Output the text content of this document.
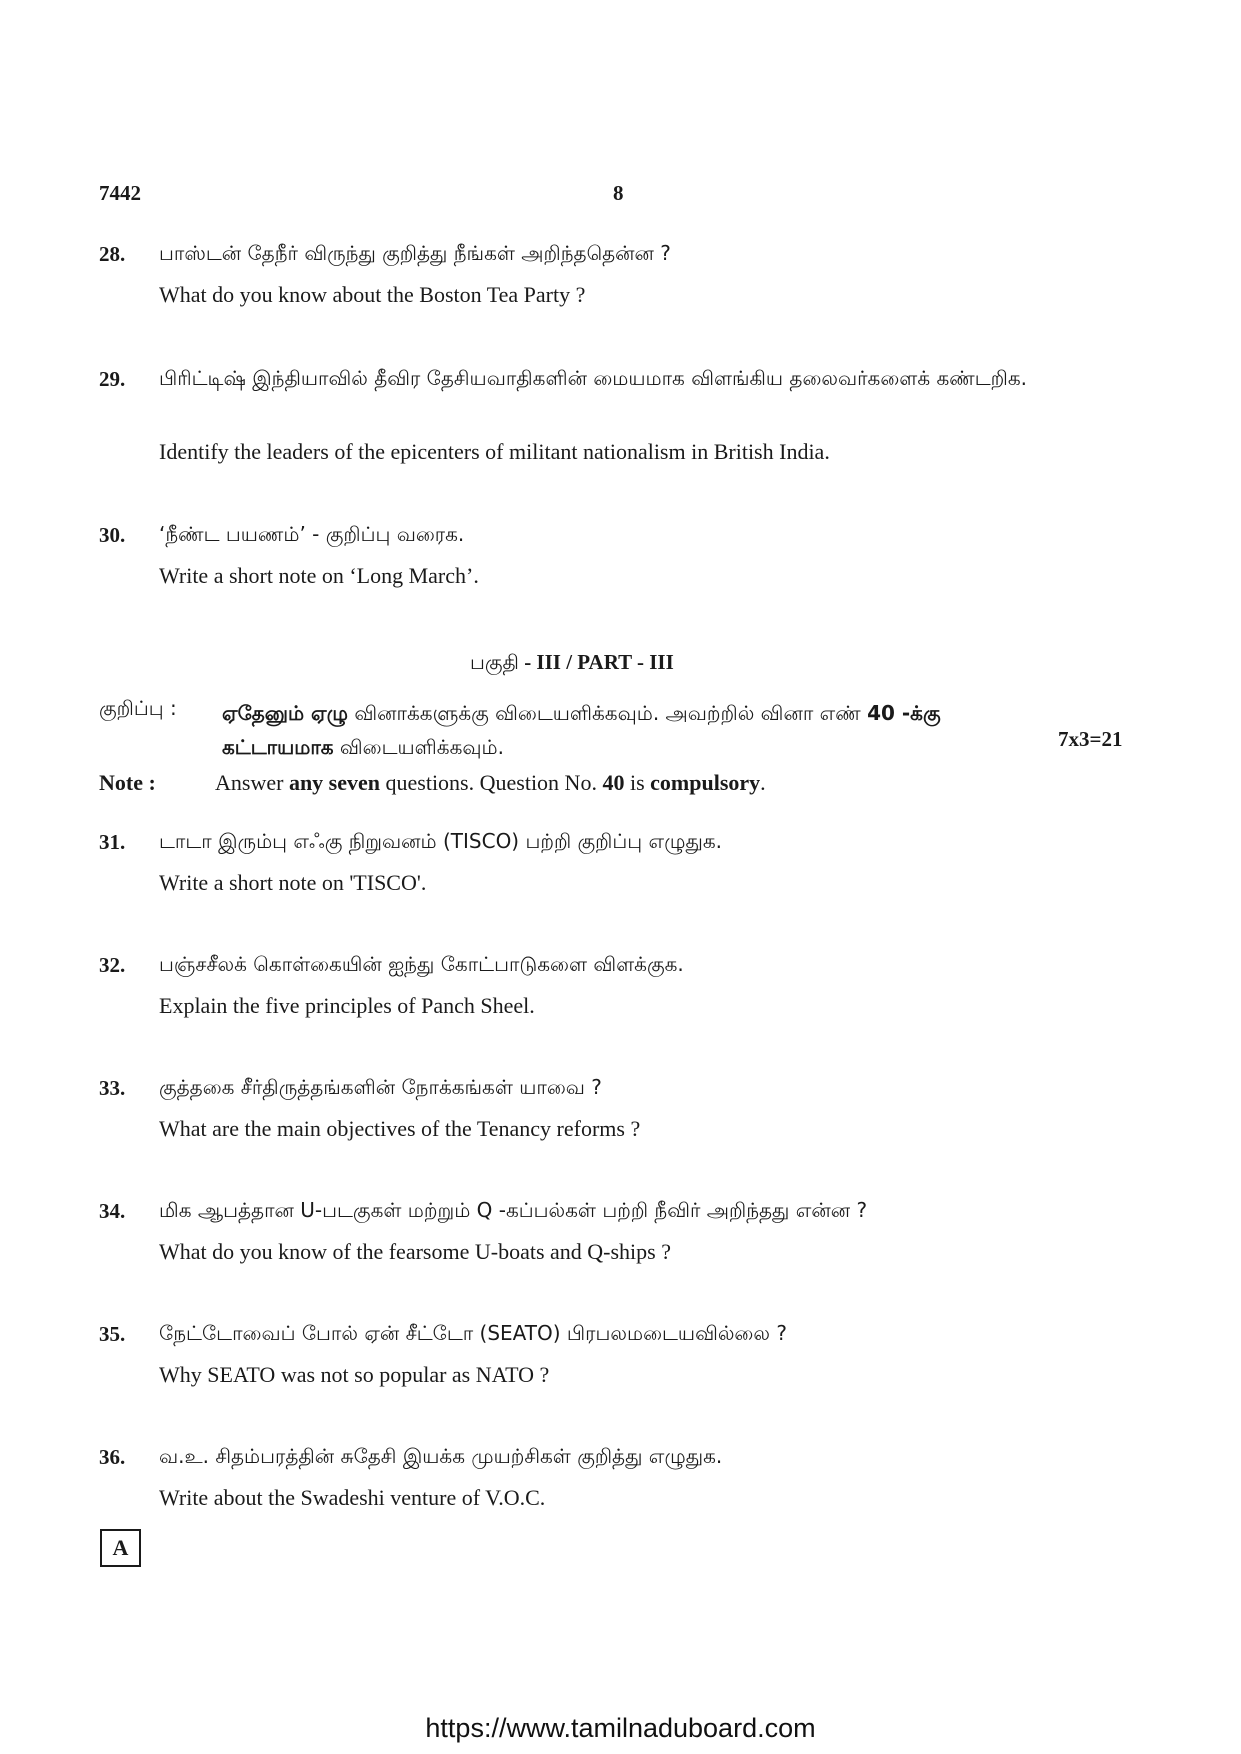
7442	8
28. பாஸ்டன் தேநீர் விருந்து குறித்து நீங்கள் அறிந்ததென்ன ?
What do you know about the Boston Tea Party ?
29. பிரிட்டிஷ் இந்தியாவில் தீவிர தேசியவாதிகளின் மையமாக விளங்கிய தலைவர்களைக் கண்டறிக.
Identify the leaders of the epicenters of militant nationalism in British India.
30. ‘நீண்ட பயணம்’ - குறிப்பு வரைக.
Write a short note on ‘Long March’.
பகுதி - III / PART - III
குறிப்பு : ஏதேனும் ஏழு வினாக்களுக்கு விடையளிக்கவும். அவற்றில் வினா எண் 40 -க்கு
கட்டாயமாக விடையளிக்கவும்.	7x3=21
Note :	Answer any seven questions. Question No. 40 is compulsory.
31. டாடா இரும்பு எஃகு நிறுவனம் (TISCO) பற்றி குறிப்பு எழுதுக.
Write a short note on 'TISCO'.
32. பஞ்சசீலக் கொள்கையின் ஐந்து கோட்பாடுகளை விளக்குக.
Explain the five principles of Panch Sheel.
33. குத்தகை சீர்திருத்தங்களின் நோக்கங்கள் யாவை ?
What are the main objectives of the Tenancy reforms ?
34. மிக ஆபத்தான U-படகுகள் மற்றும் Q -கப்பல்கள் பற்றி நீவிர் அறிந்தது என்ன ?
What do you know of the fearsome U-boats and Q-ships ?
35. நேட்டோவைப் போல் ஏன் சீட்டோ (SEATO) பிரபலமடையவில்லை ?
Why SEATO was not so popular as NATO ?
36. வ.உ. சிதம்பரத்தின் சுதேசி இயக்க முயற்சிகள் குறித்து எழுதுக.
Write about the Swadeshi venture of V.O.C.
A
https://www.tamilnaduboard.com
